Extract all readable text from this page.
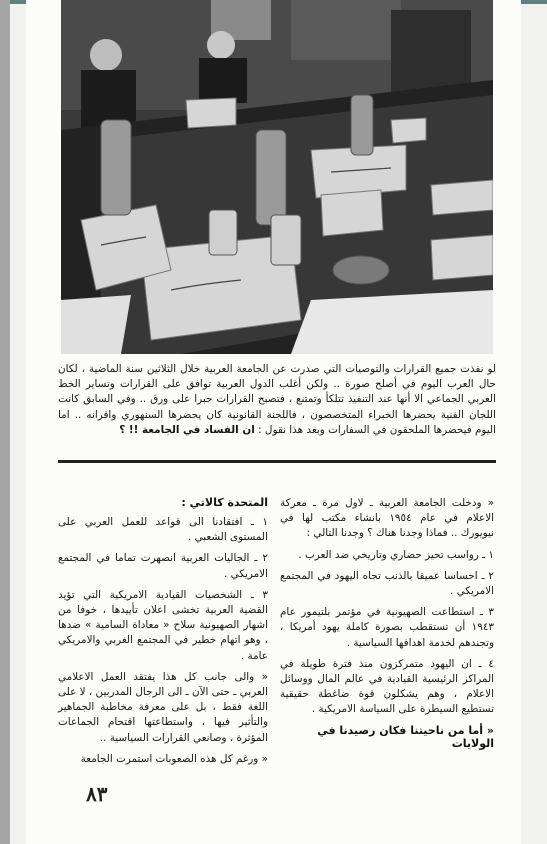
لو نفذت جميع القرارات والتوصيات التي صدرت عن الجامعة العربية خلال الثلاثين سنة الماضية ، لكان حال العرب اليوم في أصلح صورة .. ولكن أغلب الدول العربية توافق على القرارات وتساير الخط العربي الجماعي الا أنها عند التنفيذ تتلكأ وتمتنع ، فتصبح القرارات حبرا على ورق .. وفي السابق كانت اللجان الفنية يحضرها الخبراء المتخصصون ، فاللجنة القانونية كان يحضرها السنهوري واقرانه .. اما اليوم فيحضرها الملحقون في السفارات وبعد هذا نقول : ان الفساد في الجامعة !! ؟

« ودخلت الجامعة العربية ـ لاول مرة ـ معركة الاعلام في عام ١٩٥٤ بانشاء مكتب لها في نيويورك .. فماذا وجدنا هناك ؟ وجدنا التالي :

١ ـ رواسب تحيز حضاري وتاريخي ضد العرب .

٢ ـ احساسا عميقا بالذنب تجاه اليهود في المجتمع الامريكي .

٣ ـ استطاعت الصهيونية في مؤتمر بلتيمور عام ١٩٤٣ أن تستقطب بصورة كاملة يهود أمريكا ، وتجندهم لخدمة اهدافها السياسية .

٤ ـ ان اليهود متمركزون منذ فترة طويلة في المراكز الرئيسية القيادية في عالم المال ووسائل الاعلام ، وهم يشكلون قوة ضاغطة حقيقية تستطيع السيطرة على السياسة الامريكية .

« أما من ناحيتنا فكان رصيدنا في الولايات

المتحدة كالاتي :

١ ـ افتقادنا الى قواعد للعمل العربي على المستوى الشعبي .

٢ ـ الجاليات العربية انصهرت تماما في المجتمع الامريكي .

٣ ـ الشخصيات القيادية الامريكية التي تؤيد القضية العربية تخشى اعلان تأييدها ، خوفا من اشهار الصهيونية سلاح « معاداة السامية » ضدها ، وهو اتهام خطير في المجتمع الغربي والامريكي عامة .

« والى جانب كل هذا يفتقد العمل الاعلامي العربي ـ حتى الآن ـ الى الرجال المدربين ، لا على اللغة فقط ، بل على معرفة مخاطبة الجماهير والتأثير فيها ، واستطاعتها اقتحام الجماعات المؤثرة ، وصانعي القرارات السياسية ..

« ورغم كل هذه الصعوبات استمرت الجامعة

٨٣
